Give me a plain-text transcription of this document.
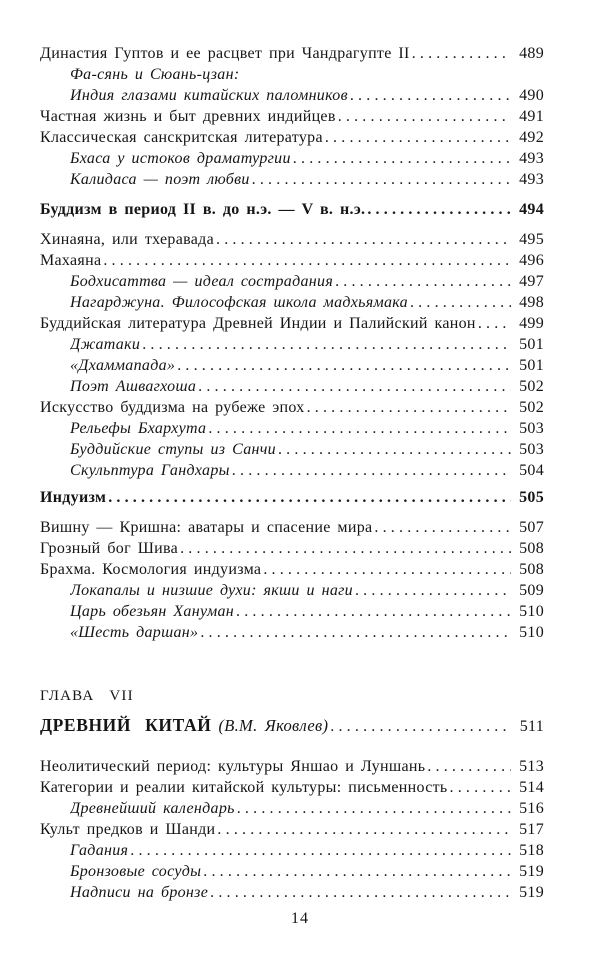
Династия Гуптов и ее расцвет при Чандрагупте II .....	489
Фа-сянь и Сюань-цзан:
Индия глазами китайских паломников .....	490
Частная жизнь и быт древних индийцев .....	491
Классическая санскритская литература .....	492
Бхаса у истоков драматургии .....	493
Калидаса — поэт любви .....	493
Буддизм в период II в. до н.э. — V в. н.э. .....	494
Хинаяна, или тхеравада .....	495
Махаяна .....	496
Бодхисаттва — идеал сострадания .....	497
Нагарджуна. Философская школа мадхьямака .....	498
Буддийская литература Древней Индии и Палийский канон .....	499
Джатаки .....	501
«Дхаммапада» .....	501
Поэт Ашвагхоша .....	502
Искусство буддизма на рубеже эпох .....	502
Рельефы Бхархута .....	503
Буддийские ступы из Санчи .....	503
Скульптура Гандхары .....	504
Индуизм .....	505
Вишну — Кришна: аватары и спасение мира .....	507
Грозный бог Шива .....	508
Брахма. Космология индуизма .....	508
Локапалы и низшие духи: якши и наги .....	509
Царь обезьян Хануман .....	510
«Шесть даршан» .....	510
ГЛАВА VII
ДРЕВНИЙ КИТАЙ (В.М. Яковлев) .....	511
Неолитический период: культуры Яншао и Луншань .....	513
Категории и реалии китайской культуры: письменность .....	514
Древнейший календарь .....	516
Культ предков и Шанди .....	517
Гадания .....	518
Бронзовые сосуды .....	519
Надписи на бронзе .....	519
14
